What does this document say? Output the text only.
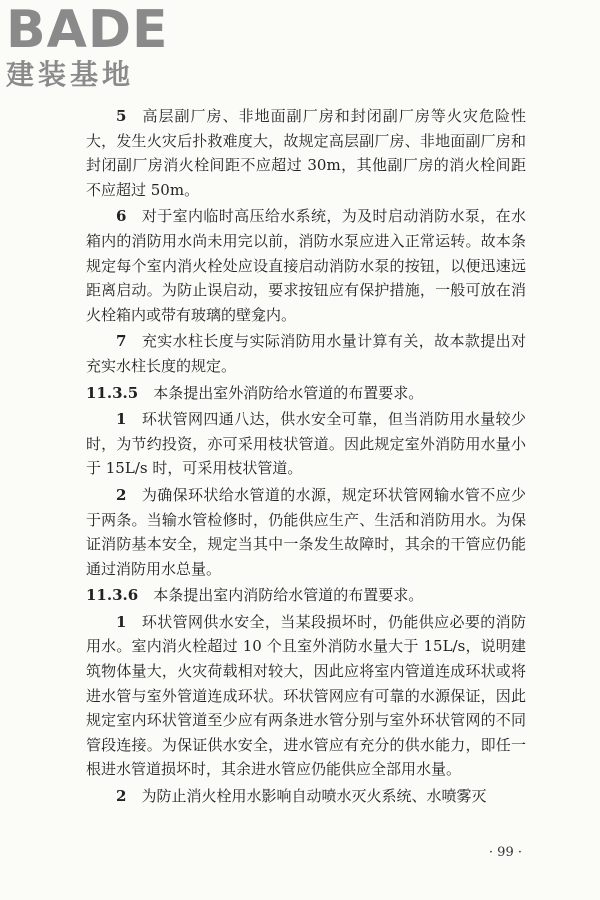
BADE
建装基地

5  高层副厂房、非地面副厂房和封闭副厂房等火灾危险性大，发生火灾后扑救难度大，故规定高层副厂房、非地面副厂房和封闭副厂房消火栓间距不应超过 30m，其他副厂房的消火栓间距不应超过 50m。

6  对于室内临时高压给水系统，为及时启动消防水泵，在水箱内的消防用水尚未用完以前，消防水泵应进入正常运转。故本条规定每个室内消火栓处应设直接启动消防水泵的按钮，以便迅速远距离启动。为防止误启动，要求按钮应有保护措施，一般可放在消火栓箱内或带有玻璃的壁龛内。

7  充实水柱长度与实际消防用水量计算有关，故本款提出对充实水柱长度的规定。

11.3.5  本条提出室外消防给水管道的布置要求。

1  环状管网四通八达，供水安全可靠，但当消防用水量较少时，为节约投资，亦可采用枝状管道。因此规定室外消防用水量小于 15L/s 时，可采用枝状管道。

2  为确保环状给水管道的水源，规定环状管网输水管不应少于两条。当输水管检修时，仍能供应生产、生活和消防用水。为保证消防基本安全，规定当其中一条发生故障时，其余的干管应仍能通过消防用水总量。

11.3.6  本条提出室内消防给水管道的布置要求。

1  环状管网供水安全，当某段损坏时，仍能供应必要的消防用水。室内消火栓超过 10 个且室外消防水量大于 15L/s，说明建筑物体量大，火灾荷载相对较大，因此应将室内管道连成环状或将进水管与室外管道连成环状。环状管网应有可靠的水源保证，因此规定室内环状管道至少应有两条进水管分别与室外环状管网的不同管段连接。为保证供水安全，进水管应有充分的供水能力，即任一根进水管道损坏时，其余进水管应仍能供应全部用水量。

2  为防止消火栓用水影响自动喷水灭火系统、水喷雾灭

· 99 ·
